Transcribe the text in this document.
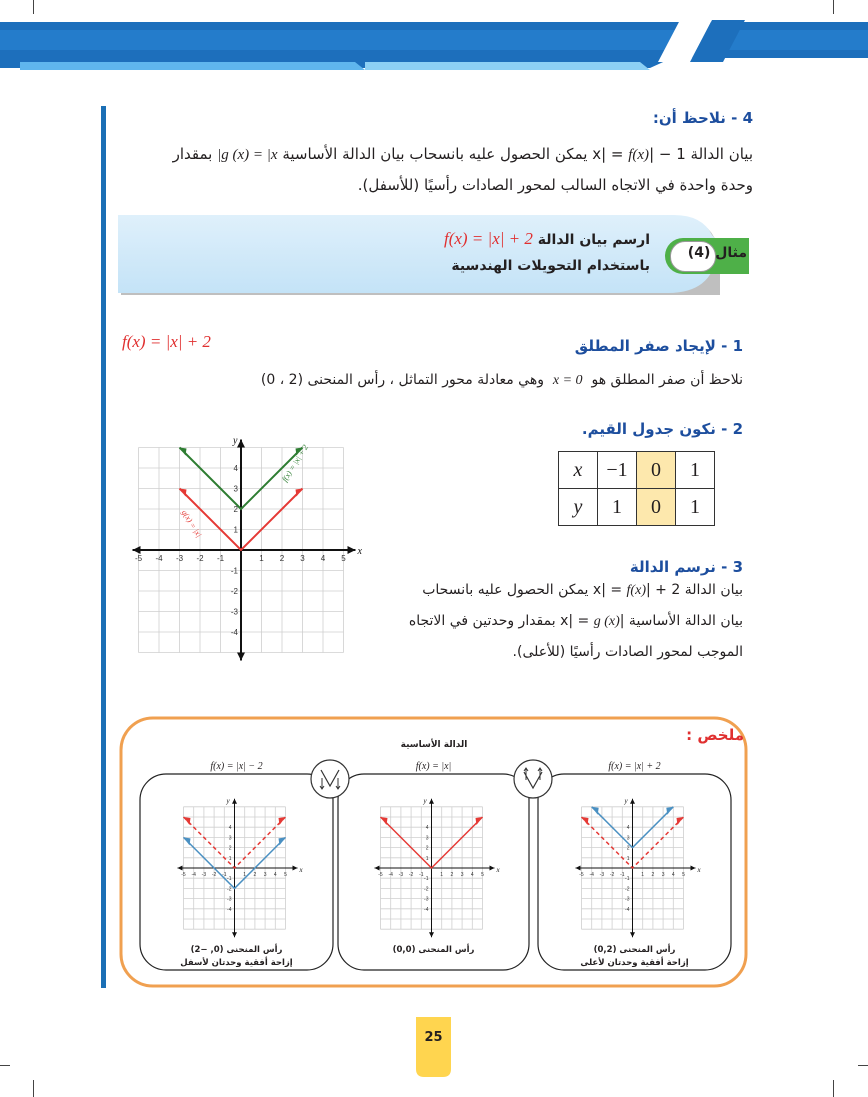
4 - نلاحظ أن:
بيان الدالة 1 − |x| = f(x) يمكن الحصول عليه بانسحاب بيان الدالة الأساسية g (x) = |x| بمقدار
وحدة واحدة في الاتجاه السالب لمحور الصادات رأسيًا (للأسفل).
مثال (4)
ارسم بيان الدالة f(x) = |x| + 2
باستخدام التحويلات الهندسية
1 - لإيجاد صفر المطلق
f(x) = |x| + 2
نلاحظ أن صفر المطلق هو  x = 0  وهي معادلة محور التماثل ، رأس المنحنى (2 ، 0)
2 - نكون جدول القيم.
x	−1	0	1
y	1	0	1
3 - نرسم الدالة
بيان الدالة 2 + |x| = f(x) يمكن الحصول عليه بانسحاب
بيان الدالة الأساسية |x| = g (x) بمقدار وحدتين في الاتجاه
الموجب لمحور الصادات رأسيًا (للأعلى).
-5 -4 -3 -2 -1	1 2 3 4 5
4
3
2
1
-1
-2
-3
-4
x
y
f(x) = |x| + 2
g(x) = |x|
ملخص :
الدالة الأساسية
f(x) = |x| − 2
-5 -4 -3 -2 -1	1 2 3 4 5
4
3
2
1
-1
-2
-3
-4
x
y
رأس المنحنى (0, −2)
إزاحة أفقية وحدتان لأسفل
f(x) = |x|
-5 -4 -3 -2 -1	1 2 3 4 5
4
3
2
1
-1
-2
-3
-4
x
y
رأس المنحنى (0,0)
f(x) = |x| + 2
-5 -4 -3 -2 -1	1 2 3 4 5
4
3
2
1
-1
-2
-3
-4
x
y
رأس المنحنى (0,2)
إزاحة أفقية وحدتان لأعلى
25
